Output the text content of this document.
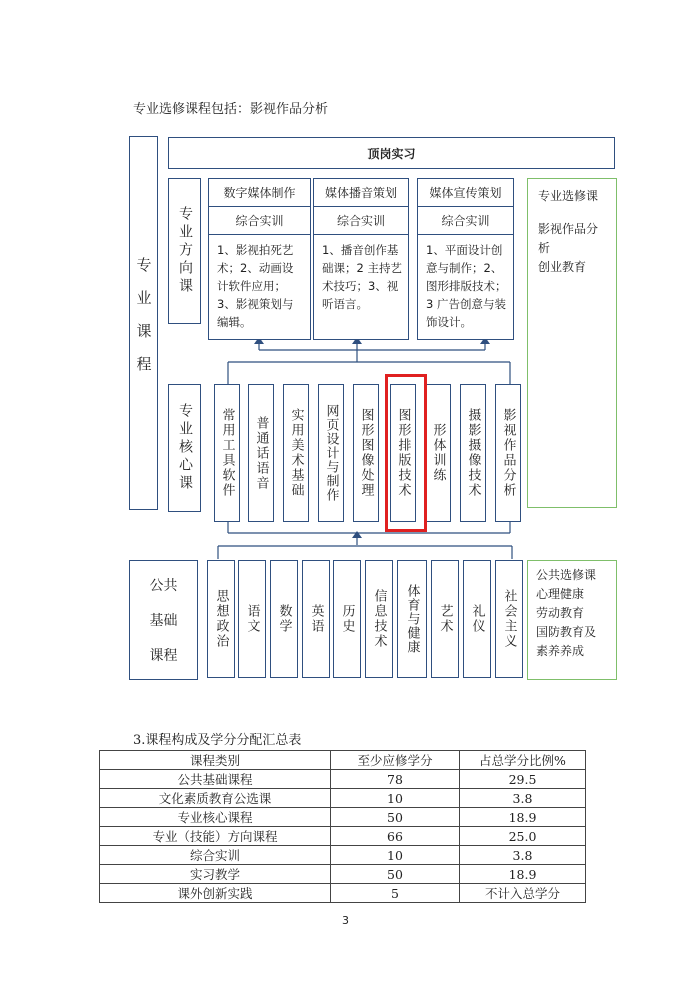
专业选修课程包括：影视作品分析
专业课程
顶岗实习
专业方向课
数字媒体制作
综合实训
1、影视拍死艺术；2、动画设计软件应用；3、影视策划与编辑。
媒体播音策划
综合实训
1、播音创作基础课；2 主持艺术技巧；3、视听语言。
媒体宣传策划
综合实训
1、平面设计创意与制作；2、图形排版技术；3 广告创意与装饰设计。
专业选修课
影视作品分析
创业教育
专业核心课 常用工具软件 普通话语音 实用美术基础 网页设计与制作 图形图像处理 图形排版技术 形体训练 摄影摄像技术 影视作品分析
公共
基础
课程
思想政治 语文 数学 英语 历史 信息技术 体育与健康 艺术 礼仪 社会主义
公共选修课
心理健康
劳动教育
国防教育及
素养养成
3.课程构成及学分分配汇总表
课程类别	至少应修学分	占总学分比例%
公共基础课程	78	29.5
文化素质教育公选课	10	3.8
专业核心课程	50	18.9
专业（技能）方向课程	66	25.0
综合实训	10	3.8
实习教学	50	18.9
课外创新实践	5	不计入总学分
3
